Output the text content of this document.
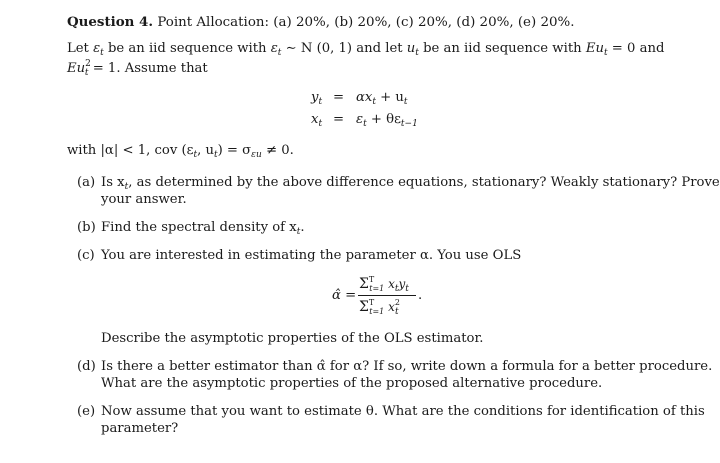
Question 4. Point Allocation: (a) 20%, (b) 20%, (c) 20%, (d) 20%, (e) 20%.
Let $\varepsilon_t$ be an iid sequence with $\varepsilon_t$ ∼ N (0, 1) and let $u_t$ be an iid sequence with $Eu_t = 0$ and
$Eu^2_t = 1$. Assume that
$y_t = \alpha x_t + u_t$
$x_t = \varepsilon_t + \theta\varepsilon_{t-1}$
with |α| < 1, cov ($\varepsilon_t$, $u_t) = \sigma_{\varepsilon u} \ne 0$.
(a) Is $x_t$, as determined by the above difference equations, stationary? Weakly stationary? Prove
your answer.
(b) Find the spectral density of $x_t$.
(c) You are interested in estimating the parameter α. You use OLS
α̂ =
$\Sigma^T_{t=1}$ $x_ty_t$
$\Sigma^T_{t=1}$ $x^2_t$
.
Describe the asymptotic properties of the OLS estimator.
(d) Is there a better estimator than α̂ for α? If so, write down a formula for a better procedure.
What are the asymptotic properties of the proposed alternative procedure.
(e) Now assume that you want to estimate θ. What are the conditions for identification of this
parameter?
